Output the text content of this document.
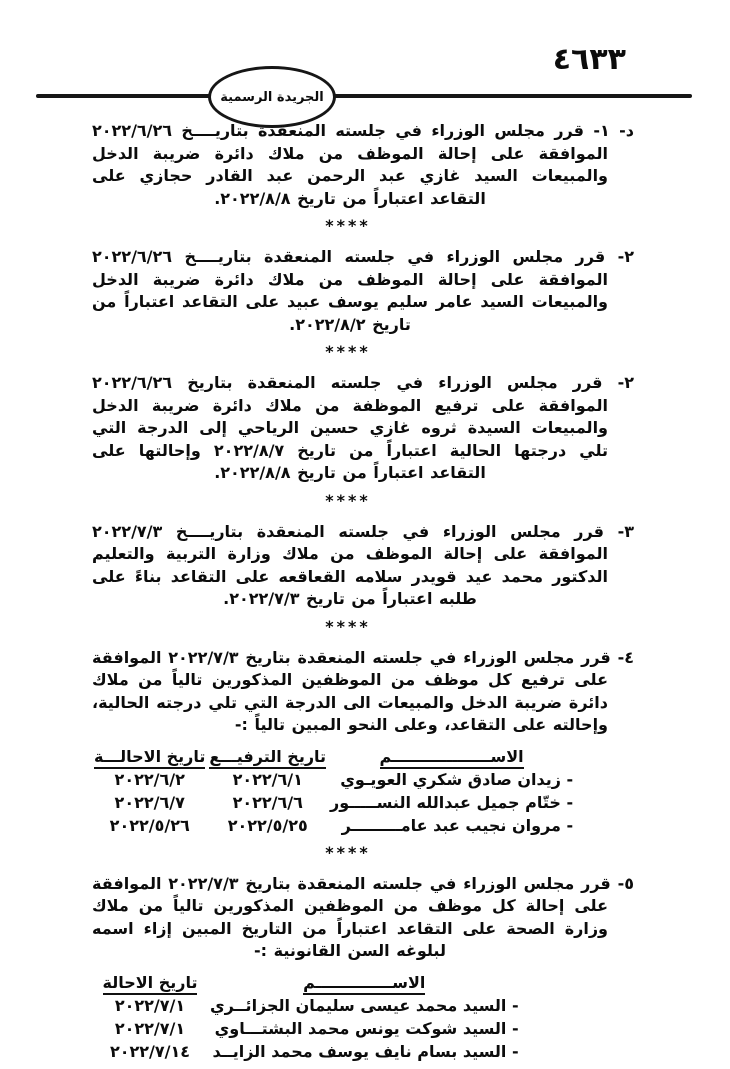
٤٦٣٣
الجريدة الرسمية

د- ١- قرر مجلس الوزراء في جلسته المنعقدة بتاريــــخ ٢٠٢٢/٦/٢٦ الموافقة على إحالة الموظف من ملاك دائرة ضريبة الدخل والمبيعات السيد غازي عبد الرحمن عبد القادر حجازي على التقاعد اعتباراً من تاريخ ٢٠٢٢/٨/٨.

****

٢- قرر مجلس الوزراء في جلسته المنعقدة بتاريــــخ ٢٠٢٢/٦/٢٦ الموافقة على إحالة الموظف من ملاك دائرة ضريبة الدخل والمبيعات السيد عامر سليم يوسف عبيد على التقاعد اعتباراً من تاريخ ٢٠٢٢/٨/٢.

****

٢- قرر مجلس الوزراء في جلسته المنعقدة بتاريخ ٢٠٢٢/٦/٢٦ الموافقة على ترفيع الموظفة من ملاك دائرة ضريبة الدخل والمبيعات السيدة ثروه غازي حسين الرياحي إلى الدرجة التي تلي درجتها الحالية اعتباراً من تاريخ ٢٠٢٢/٨/٧ وإحالتها على التقاعد اعتباراً من تاريخ ٢٠٢٢/٨/٨.

****

٣- قرر مجلس الوزراء في جلسته المنعقدة بتاريــــخ ٢٠٢٢/٧/٣ الموافقة على إحالة الموظف من ملاك وزارة التربية والتعليم الدكتور محمد عيد قويدر سلامه القعاقعه على التقاعد بناءً على طلبه اعتباراً من تاريخ ٢٠٢٢/٧/٣.

****

٤- قرر مجلس الوزراء في جلسته المنعقدة بتاريخ ٢٠٢٢/٧/٣ الموافقة على ترفيع كل موظف من الموظفين المذكورين تالياً من ملاك دائرة ضريبة الدخل والمبيعات الى الدرجة التي تلي درجته الحالية، وإحالته على التقاعد، وعلى النحو المبين تالياً :-

الاســــــــــــــــــم	تاريخ الترفيـــع	تاريخ الاحالـــة
- زيدان صادق شكري العويـوي	٢٠٢٢/٦/١	٢٠٢٢/٦/٢
- ختّام جميل عبدالله النســـــور	٢٠٢٢/٦/٦	٢٠٢٢/٦/٧
- مروان نجيب عبد عامـــــــــر	٢٠٢٢/٥/٢٥	٢٠٢٢/٥/٢٦
****

٥- قرر مجلس الوزراء في جلسته المنعقدة بتاريخ ٢٠٢٢/٧/٣ الموافقة على إحالة كل موظف من الموظفين المذكورين تالياً من ملاك وزارة الصحة على التقاعد اعتباراً من التاريخ المبين إزاء اسمه لبلوغه السن القانونية :-

الاســــــــــــــم	تاريخ الاحالة
- السيد محمد عيسى سليمان الجزائــري	٢٠٢٢/٧/١
- السيد شوكت يونس محمد البشتـــاوي	٢٠٢٢/٧/١
- السيد بسام نايف يوسف محمد الزايــد	٢٠٢٢/٧/١٤
